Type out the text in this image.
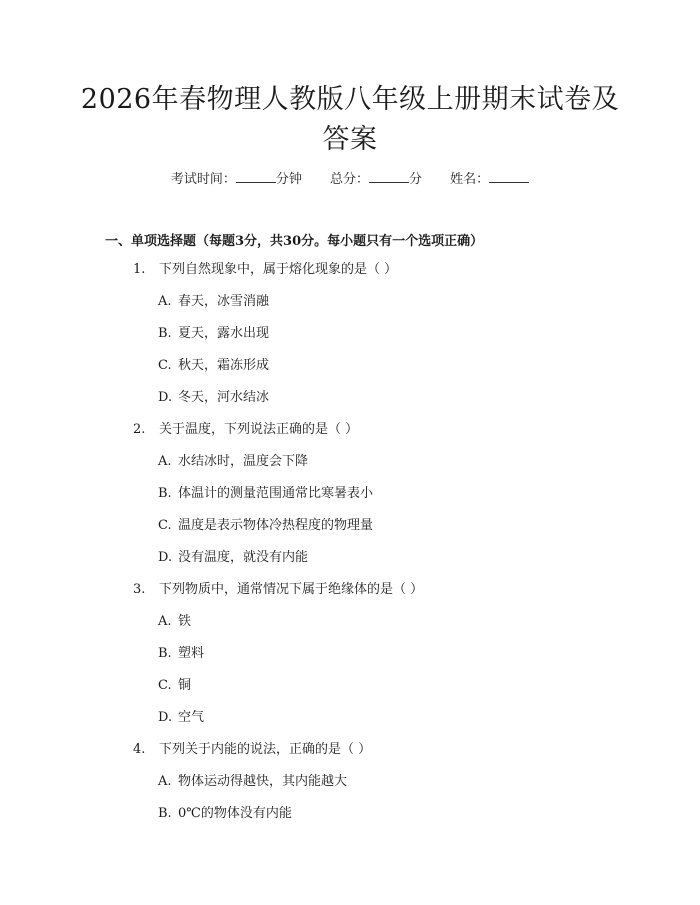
2026年春物理人教版八年级上册期末试卷及答案
考试时间：	分钟 总分：	分 姓名：
一、单项选择题（每题3分，共30分。每小题只有一个选项正确）
1. 下列自然现象中，属于熔化现象的是（ ）
A. 春天，冰雪消融
B. 夏天，露水出现
C. 秋天，霜冻形成
D. 冬天，河水结冰
2. 关于温度，下列说法正确的是（ ）
A. 水结冰时，温度会下降
B. 体温计的测量范围通常比寒暑表小
C. 温度是表示物体冷热程度的物理量
D. 没有温度，就没有内能
3. 下列物质中，通常情况下属于绝缘体的是（ ）
A. 铁
B. 塑料
C. 铜
D. 空气
4. 下列关于内能的说法，正确的是（ ）
A. 物体运动得越快，其内能越大
B. 0℃的物体没有内能
